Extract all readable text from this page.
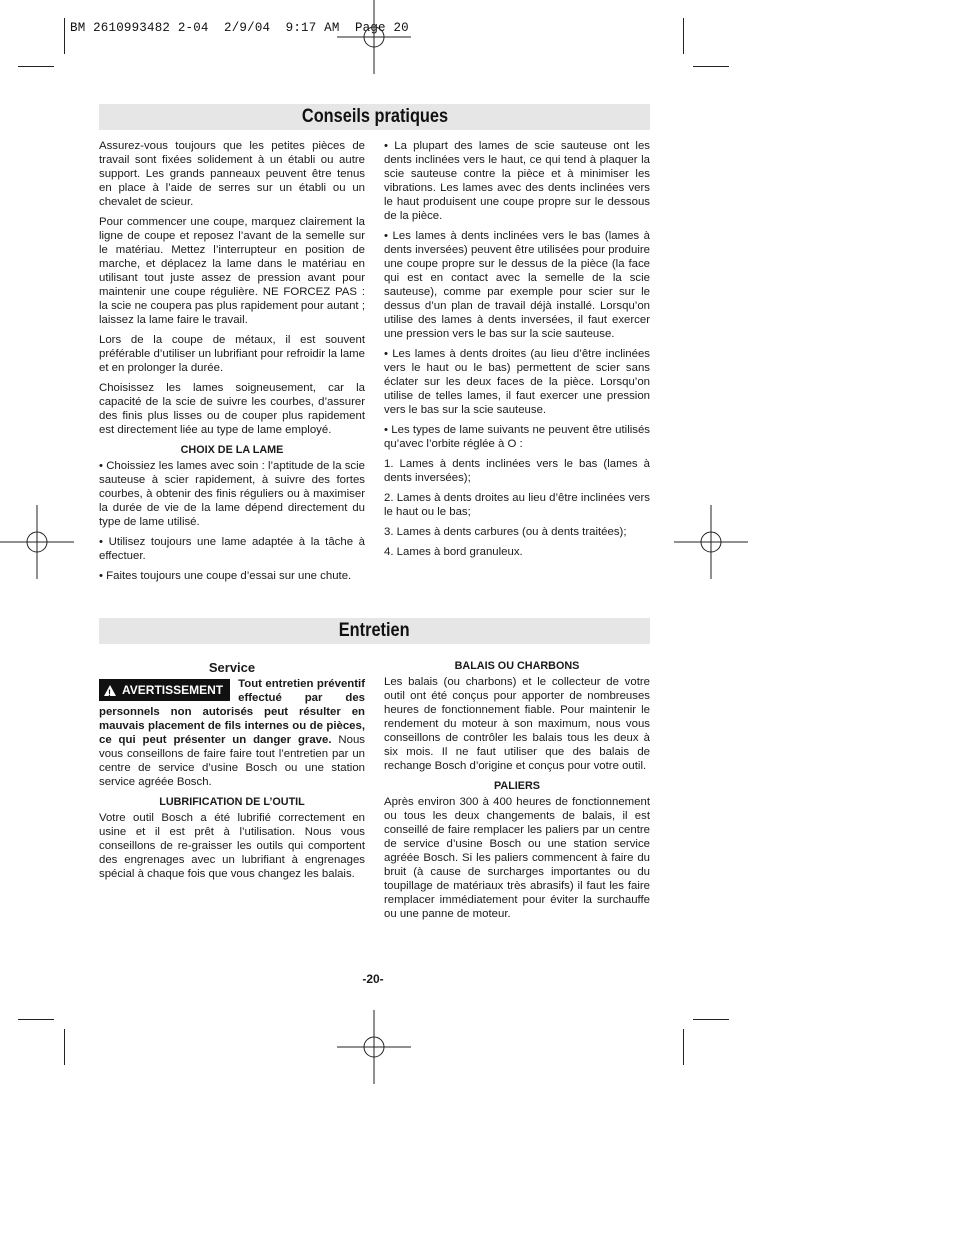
BM 2610993482 2-04  2/9/04  9:17 AM  Page 20
Conseils pratiques

Assurez-vous toujours que les petites pièces de travail sont fixées solidement à un établi ou autre support. Les grands panneaux peuvent être tenus en place à l’aide de serres sur un établi ou un chevalet de scieur.

Pour commencer une coupe, marquez clairement la ligne de coupe et reposez l’avant de la semelle sur le matériau. Mettez l’interrupteur en position de marche, et déplacez la lame dans le matériau en utilisant tout juste assez de pression avant pour maintenir une coupe régulière. NE FORCEZ PAS : la scie ne coupera pas plus rapidement pour autant ; laissez la lame faire le travail.

Lors de la coupe de métaux, il est souvent préférable d’utiliser un lubrifiant pour refroidir la lame et en prolonger la durée.

Choisissez les lames soigneusement, car la capacité de la scie de suivre les courbes, d’assurer des finis plus lisses ou de couper plus rapidement est directement liée au type de lame employé.

CHOIX DE LA LAME

• Choissiez les lames avec soin : l’aptitude de la scie sauteuse à scier rapidement, à suivre des fortes courbes, à obtenir des finis réguliers ou à maximiser la durée de vie de la lame dépend directement du type de lame utilisé.

• Utilisez toujours une lame adaptée à la tâche à effectuer.

• Faites toujours une coupe d’essai sur une chute.

• La plupart des lames de scie sauteuse ont les dents inclinées vers le haut, ce qui tend à plaquer la scie sauteuse contre la pièce et à minimiser les vibrations. Les lames avec des dents inclinées vers le haut produisent une coupe propre sur le dessous de la pièce.

• Les lames à dents inclinées vers le bas (lames à dents inversées) peuvent être utilisées pour produire une coupe propre sur le dessus de la pièce (la face qui est en contact avec la semelle de la scie sauteuse), comme par exemple pour scier sur le dessus d’un plan de travail déjà installé. Lorsqu’on utilise des lames à dents inversées, il faut exercer une pression vers le bas sur la scie sauteuse.

• Les lames à dents droites (au lieu d’être inclinées vers le haut ou le bas) permettent de scier sans éclater sur les deux faces de la pièce. Lorsqu’on utilise de telles lames, il faut exercer une pression vers le bas sur la scie sauteuse.

• Les types de lame suivants ne peuvent être utilisés qu’avec l’orbite réglée à O :

1. Lames à dents inclinées vers le bas (lames à dents inversées);

2. Lames à dents droites au lieu d’être inclinées vers le haut ou le bas;

3. Lames à dents carbures (ou à dents traitées);

4. Lames à bord granuleux.

Entretien
Service

!
AVERTISSEMENT Tout entretien préventif effectué par des personnels non autorisés peut résulter en mauvais placement de fils internes ou de pièces, ce qui peut présenter un danger grave. Nous vous conseillons de faire faire tout l’entretien par un centre de service d’usine Bosch ou une station service agréée Bosch.

LUBRIFICATION DE L’OUTIL

Votre outil Bosch a été lubrifié correctement en usine et il est prêt à l’utilisation. Nous vous conseillons de re-graisser les outils qui comportent des engrenages avec un lubrifiant à engrenages spécial à chaque fois que vous changez les balais.

BALAIS OU CHARBONS

Les balais (ou charbons) et le collecteur de votre outil ont été conçus pour apporter de nombreuses heures de fonctionnement fiable. Pour maintenir le rendement du moteur à son maximum, nous vous conseillons de contrôler les balais tous les deux à six mois. Il ne faut utiliser que des balais de rechange Bosch d’origine et conçus pour votre outil.

PALIERS

Après environ 300 à 400 heures de fonctionnement ou tous les deux changements de balais, il est conseillé de faire remplacer les paliers par un centre de service d’usine Bosch ou une station service agréée Bosch. Si les paliers commencent à faire du bruit (à cause de surcharges importantes ou du toupillage de matériaux très abrasifs) il faut les faire remplacer immédiatement pour éviter la surchauffe ou une panne de moteur.

-20-
